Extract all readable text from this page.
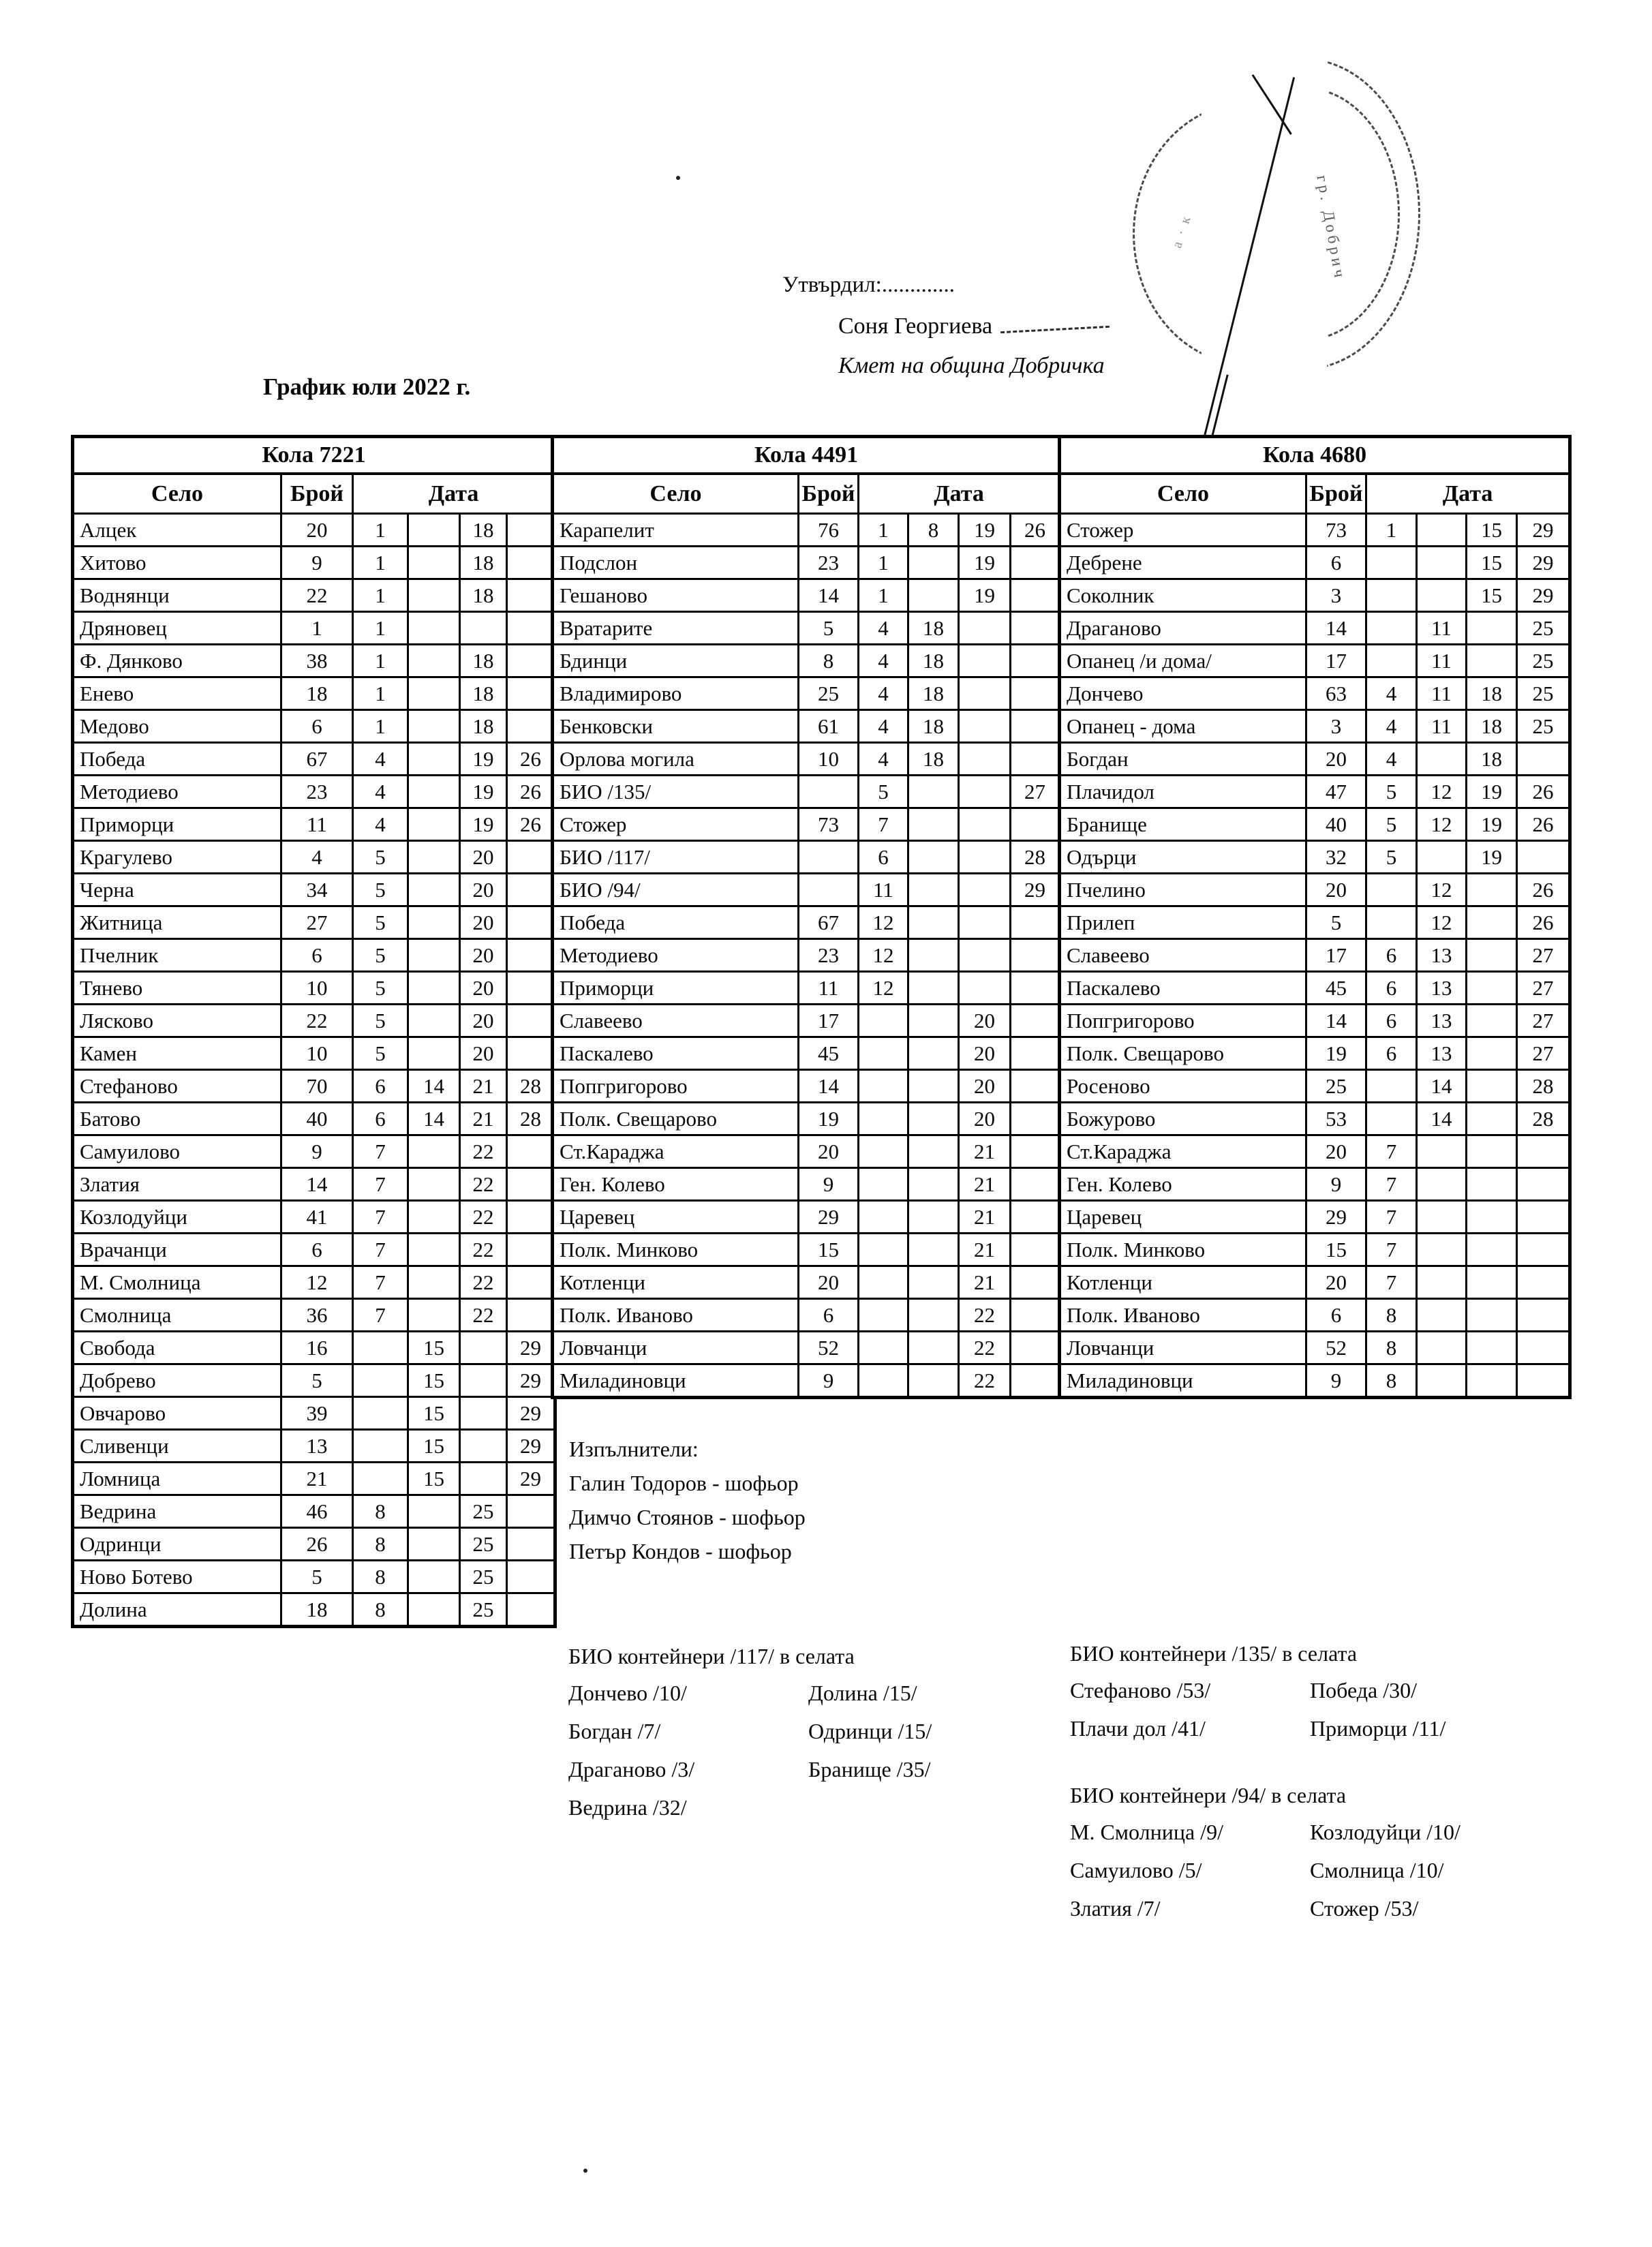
гр. Добрич
а · к
Утвърдил:.............
Соня Георгиева
Кмет на община Добричка
График юли 2022 г.
Кола 7221					
Село	Брой	Дата			
Алцек	20	1		18	
Хитово	9	1		18	
Воднянци	22	1		18	
Дряновец	1	1			
Ф. Дянково	38	1		18	
Енево	18	1		18	
Медово	6	1		18	
Победа	67	4		19	26
Методиево	23	4		19	26
Приморци	11	4		19	26
Крагулево	4	5		20	
Черна	34	5		20	
Житница	27	5		20	
Пчелник	6	5		20	
Тянево	10	5		20	
Лясково	22	5		20	
Камен	10	5		20	
Стефаново	70	6	14	21	28
Батово	40	6	14	21	28
Самуилово	9	7		22	
Златия	14	7		22	
Козлодуйци	41	7		22	
Врачанци	6	7		22	
М. Смолница	12	7		22	
Смолница	36	7		22	
Свобода	16		15		29
Добрево	5		15		29
Овчарово	39		15		29
Сливенци	13		15		29
Ломница	21		15		29
Ведрина	46	8		25	
Одринци	26	8		25	
Ново Ботево	5	8		25	
Долина	18	8		25	
Кола 4491					
Село	Брой	Дата			
Карапелит	76	1	8	19	26
Подслон	23	1		19	
Гешаново	14	1		19	
Вратарите	5	4	18		
Бдинци	8	4	18		
Владимирово	25	4	18		
Бенковски	61	4	18		
Орлова могила	10	4	18		
БИО /135/		5			27
Стожер	73	7			
БИО /117/		6			28
БИО /94/		11			29
Победа	67	12			
Методиево	23	12			
Приморци	11	12			
Славеево	17			20	
Паскалево	45			20	
Попгригорово	14			20	
Полк. Свещарово	19			20	
Ст.Караджа	20			21	
Ген. Колево	9			21	
Царевец	29			21	
Полк. Минково	15			21	
Котленци	20			21	
Полк. Иваново	6			22	
Ловчанци	52			22	
Миладиновци	9			22	
Кола 4680					
Село	Брой	Дата			
Стожер	73	1		15	29
Дебрене	6			15	29
Соколник	3			15	29
Драганово	14		11		25
Опанец /и дома/	17		11		25
Дончево	63	4	11	18	25
Опанец - дома	3	4	11	18	25
Богдан	20	4		18	
Плачидол	47	5	12	19	26
Бранище	40	5	12	19	26
Одърци	32	5		19	
Пчелино	20		12		26
Прилеп	5		12		26
Славеево	17	6	13		27
Паскалево	45	6	13		27
Попгригорово	14	6	13		27
Полк. Свещарово	19	6	13		27
Росеново	25		14		28
Божурово	53		14		28
Ст.Караджа	20	7			
Ген. Колево	9	7			
Царевец	29	7			
Полк. Минково	15	7			
Котленци	20	7			
Полк. Иваново	6	8			
Ловчанци	52	8			
Миладиновци	9	8			
Изпълнители:
Галин Тодоров - шофьор
Димчо Стоянов - шофьор
Петър Кондов - шофьор
БИО контейнери /117/ в селата
Дончево /10/
Богдан /7/
Драганово /3/
Ведрина /32/
Долина /15/
Одринци /15/
Бранище /35/
БИО контейнери /135/ в селата
Стефаново /53/
Плачи дол /41/
Победа /30/
Приморци /11/
БИО контейнери /94/ в селата
М. Смолница /9/
Самуилово /5/
Златия /7/
Козлодуйци /10/
Смолница /10/
Стожер /53/
